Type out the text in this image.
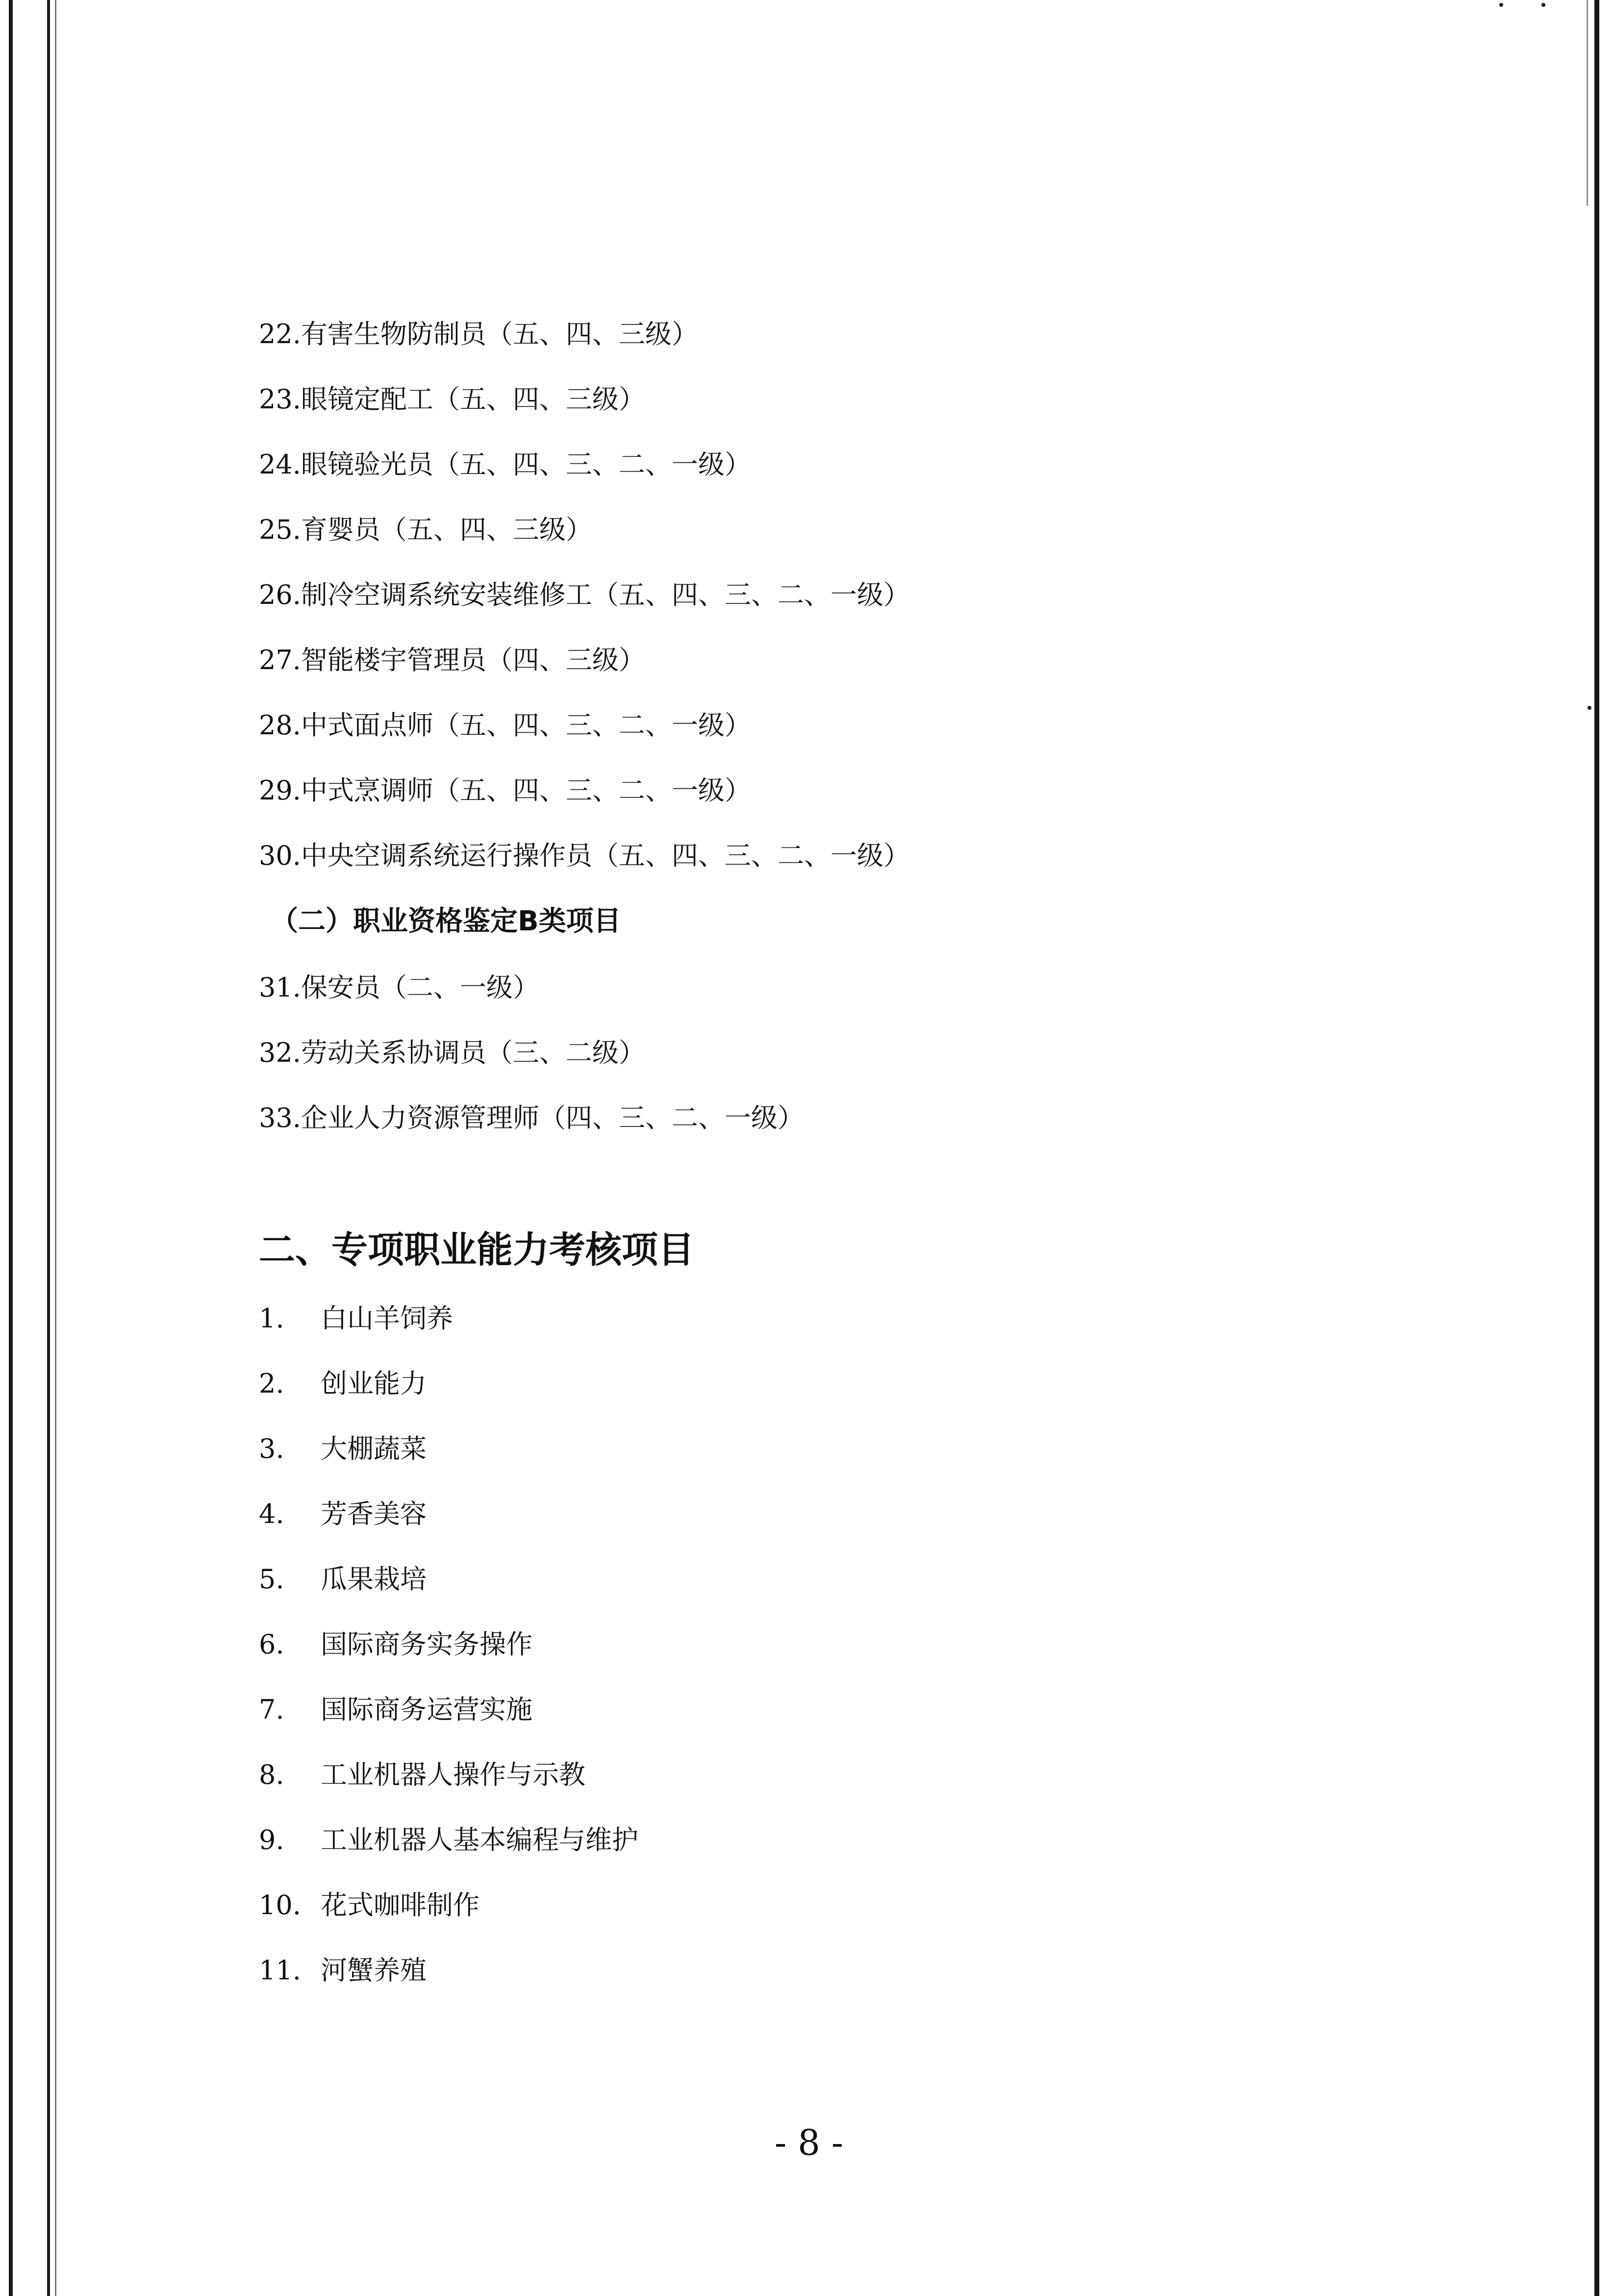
22.有害生物防制员（五、四、三级）
23.眼镜定配工（五、四、三级）
24.眼镜验光员（五、四、三、二、一级）
25.育婴员（五、四、三级）
26.制冷空调系统安装维修工（五、四、三、二、一级）
27.智能楼宇管理员（四、三级）
28.中式面点师（五、四、三、二、一级）
29.中式烹调师（五、四、三、二、一级）
30.中央空调系统运行操作员（五、四、三、二、一级）
（二）职业资格鉴定B类项目
31.保安员（二、一级）
32.劳动关系协调员（三、二级）
33.企业人力资源管理师（四、三、二、一级）
二、专项职业能力考核项目
1. 白山羊饲养
2. 创业能力
3. 大棚蔬菜
4. 芳香美容
5. 瓜果栽培
6. 国际商务实务操作
7. 国际商务运营实施
8. 工业机器人操作与示教
9. 工业机器人基本编程与维护
10. 花式咖啡制作
11. 河蟹养殖
- 8 -
